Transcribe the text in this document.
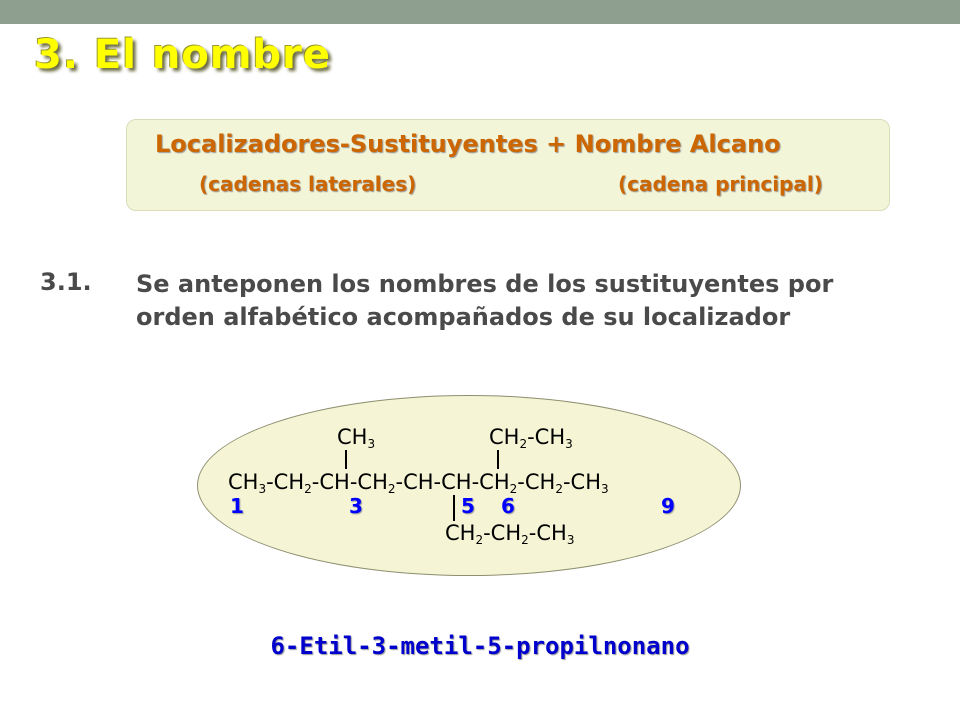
3. El nombre
Localizadores-Sustituyentes + Nombre Alcano
(cadenas laterales)	(cadena principal)
3.1. Se anteponen los nombres de los sustituyentes por orden alfabético acompañados de su localizador
$CH_3$	$CH_2-CH_3$
$CH_3-CH_2-CH-CH_2-CH-CH-CH_2-CH_2-CH_3$
1	3	5 6	9
$CH_2-CH_2-CH_3$
6-Etil-3-metil-5-propilnonano
